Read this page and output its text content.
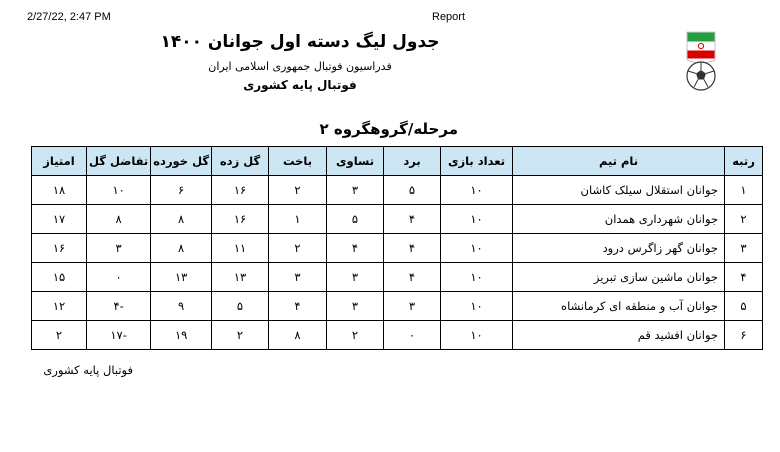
2/27/22, 2:47 PM	Report
جدول لیگ دسته اول جوانان ۱۴۰۰
فدراسیون فوتبال جمهوری اسلامی ایران
فوتبال پایه کشوری
مرحله/گروهگروه ۲
رتبه	نام تیم	تعداد بازی	برد	تساوی	باخت	گل زده	گل خورده	تفاضل گل	امتیاز
۱	جوانان استقلال سیلک کاشان	۱۰	۵	۳	۲	۱۶	۶	۱۰	۱۸
۲	جوانان شهرداری همدان	۱۰	۴	۵	۱	۱۶	۸	۸	۱۷
۳	جوانان گهر زاگرس درود	۱۰	۴	۴	۲	۱۱	۸	۳	۱۶
۴	جوانان ماشین سازی تبریز	۱۰	۴	۳	۳	۱۳	۱۳	۰	۱۵
۵	جوانان آب و منطقه ای کرمانشاه	۱۰	۳	۳	۴	۵	۹	-۴	۱۲
۶	جوانان افشید قم	۱۰	۰	۲	۸	۲	۱۹	-۱۷	۲
فوتبال پایه کشوری
